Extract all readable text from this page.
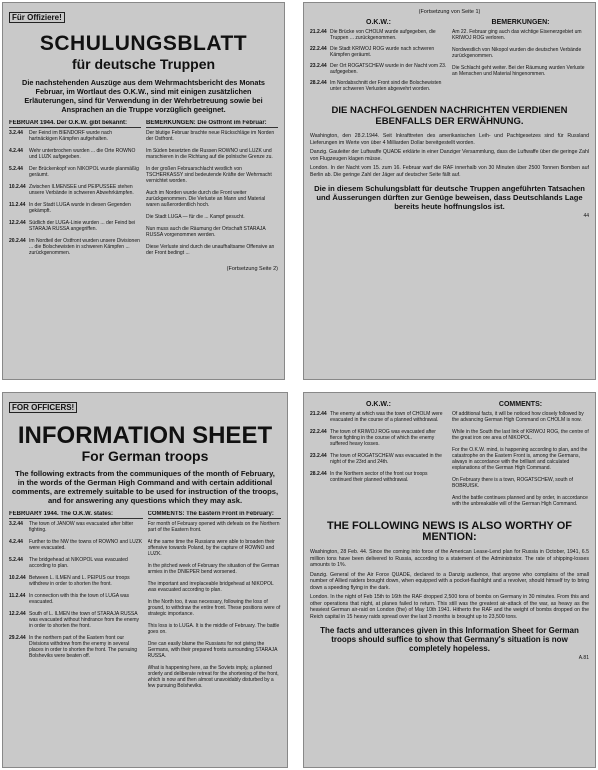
Für Offiziere!
SCHULUNGSBLATT
für deutsche Truppen
Die nachstehenden Auszüge aus dem Wehrmachtsbericht des Monats Februar, im Wortlaut des O.K.W., sind mit einigen zusätzlichen Erläuterungen, sind für Verwendung in der Wehrbetreuung sowie bei Ansprachen an die Truppe vorzüglich geeignet.
FEBRUAR 1944. Der O.K.W. gibt bekannt:
3.2.44	Der Feind im BIENDORF wurde nach hartnäckigen Kämpfen aufgehalten.
4.2.44	Wehr unterbrochen wurden ... die Orte ROWNO und LUZK aufgegeben.
5.2.44	Der Brückenkopf von NIKOPOL wurde planmäßig geräumt.
10.2.44 Zwischen ILMENSEE und PEIPUSSEE stehen unsere Verbände in schweren Abwehrkämpfen.
11.2.44 In der Stadt LUGA wurde in diesen Gegenden gekämpft.
12.2.44 Südlich der LUGA-Linie wurden ... der Feind bei STARAJA RUSSA angegriffen.
20.2.44 Im Nordteil der Ostfront wurden unsere Divisionen ... die Bolschewisten in schweren Kämpfen ... zurückgenommen.
BEMERKUNGEN: Die Ostfront im Februar:
Der blutige Februar brachte neue Rückschläge im Norden der Ostfront.
Im Süden besetzten die Russen ROWNO und LUZK und marschieren in die Richtung auf die polnische Grenze zu.
In der großen Februarschlacht westlich von TSCHERKASSY sind bedeutende Kräfte der Wehrmacht vernichtet worden.
Auch im Norden wurde durch die Front weiter zurückgenommen. Die Verluste an Mann und Material waren außerordentlich hoch.
Die Stadt LUGA — für die ... Kampf gesucht.
Nun muss auch die Räumung der Ortschaft STARAJA RUSSA vorgenommen werden.
Diese Verluste sind durch die unaufhaltsame Offensive an der Front bedingt ...
(Fortsetzung Seite 2)
(Fortsetzung von Seite 1)
O.K.W.:
21.2.44 Die Brücke von CHOLM wurde aufgegeben, die Truppen ... zurückgenommen.
22.2.44 Die Stadt KRIWOJ ROG wurde nach schweren Kämpfen geräumt.
23.2.44 Der Ort ROGATSCHEW wurde in der Nacht vom 23. aufgegeben.
28.2.44 Im Nordabschnitt der Front sind die Bolschewisten unter schweren Verlusten abgewehrt worden.
BEMERKUNGEN:
Am 22. Februar ging auch das wichtige Eisenerzgebiet um KRIWOJ ROG verloren.
Nordwestlich von Nikopol wurden die deutschen Verbände zurückgenommen.
Die Schlacht geht weiter. Bei der Räumung wurden Verluste an Menschen und Material hingenommen.
DIE NACHFOLGENDEN NACHRICHTEN VERDIENEN EBENFALLS DER ERWÄHNUNG.
Washington, den 28.2.1944. Seit Inkrafttreten des amerikanischen Leih- und Pachtgesetzes sind für Russland Lieferungen im Werte von über 4 Milliarden Dollar bereitgestellt worden.
Danzig. Gauleiter der Luftwaffe QUADE erklärte in einer Danziger Versammlung, dass die Luftwaffe über die geringe Zahl von Flugzeugen klagen müsse.
London. In der Nacht vom 15. zum 16. Februar warf die RAF innerhalb von 30 Minuten über 2500 Tonnen Bomben auf Berlin ab. Die geringe Zahl der Jäger auf deutscher Seite fällt auf.
Die in diesem Schulungsblatt für deutsche Truppen angeführten Tatsachen und Äusserungen dürften zur Genüge beweisen, dass Deutschlands Lage bereits heute hoffnungslos ist.
44
FOR OFFICERS!
INFORMATION SHEET
For German troops
The following extracts from the communiques of the month of February, in the words of the German High Command and with certain additional comments, are extremely suitable to be used for instruction of the troops, and for answering any questions which they may ask.
FEBRUARY 1944. The O.K.W. states:
3.2.44	The town of JANOW was evacuated after bitter fighting.
4.2.44	Further to the NW the towns of ROWNO and LUZK were evacuated.
5.2.44	The bridgehead at NIKOPOL was evacuated according to plan.
10.2.44 Between L. ILMEN and L. PEIPUS our troops withdrew in order to shorten the front.
11.2.44 In connection with this the town of LUGA was evacuated.
12.2.44 South of L. ILMEN the town of STARAJA RUSSA was evacuated without hindrance from the enemy in order to shorten the front.
29.2.44 In the northern part of the Eastern front our Divisions withdrew from the enemy in several places in order to shorten the front. The pursuing Bolsheviks were beaten off.
COMMENTS: The Eastern Front in February:
For month of February opened with defeats on the Northern part of the Eastern front.
At the same time the Russians were able to broaden their offensive towards Poland, by the capture of ROWNO and LUZK.
In the pitched week of February the situation of the German armies in the DNIEPER bend worsened.
The important and irreplaceable bridgehead at NIKOPOL was evacuated according to plan.
In the North too, it was necessary, following the loss of ground, to withdraw the entire front. These positions were of strategic importance.
This loss is to LUGA. It is the middle of February. The battle goes on.
One can easily blame the Russians for not giving the Germans, with their prepared fronts surrounding STARAJA RUSSA.
What is happening here, as the Soviets imply, a planned orderly and deliberate retreat for the shortening of the front, which is now and then almost unavoidably disturbed by a few pursuing Bolsheviks.
O.K.W.:
21.2.44 The enemy at which was the town of CHOLM were evacuated in the course of a planned withdrawal.
22.2.44 The town of KRIWOJ ROG was evacuated after fierce fighting in the course of which the enemy suffered heavy losses.
23.2.44 The town of ROGATSCHEW was evacuated in the night of the 23rd and 24th.
28.2.44 In the Northern sector of the front our troops continued their planned withdrawal.
COMMENTS:
Of additional facts, it will be noticed how closely followed by the advancing German High Command on CHOLM is now.
While in the South the last link of KRIWOJ ROG, the centre of the great iron ore area of NIKOPOL.
For the O.K.W. mind, is happening according to plan, and the catastrophe on the Eastern Front is, among the Germans, always in accordance with the brilliant and calculated explanations of the German High Command.
On February there is a town, ROGATSCHEW, south of BOBRUISK.
And the battle continues planned and by order, in accordance with the unbreakable will of the German High Command.
THE FOLLOWING NEWS IS ALSO WORTHY OF MENTION:
Washington, 28 Feb. 44. Since the coming into force of the American Lease-Lend plan for Russia in October, 1941, 6.5 million tons have been delivered to Russia, according to a statement of the Administrator. The rate of shipping-losses amounts to 1%.
Danzig. General of the Air Force QUADE, declared to a Danzig audience, that anyone who complains of the small number of Allied raiders brought down, when equipped with a pocket-flashlight and a revolver, should himself try to bring down a speeding flying in the dark.
London. In the night of Feb 15th to 16th the RAF dropped 2,500 tons of bombs on Germany in 30 minutes. From this and other operations that night, at planes failed to return. This still was the greatest air-attack of the war, as heavy as the heaviest German air-raid on London (the) of May 10th 1941. Hitherto the RAF and the weight of bombs dropped on the Reich capital in 15 heavy raids spread over the last 3 months is brought up to 23,500 tons.
The facts and utterances given in this Information Sheet for German troops should suffice to show that Germany's situation is now completely hopeless.
A.81
